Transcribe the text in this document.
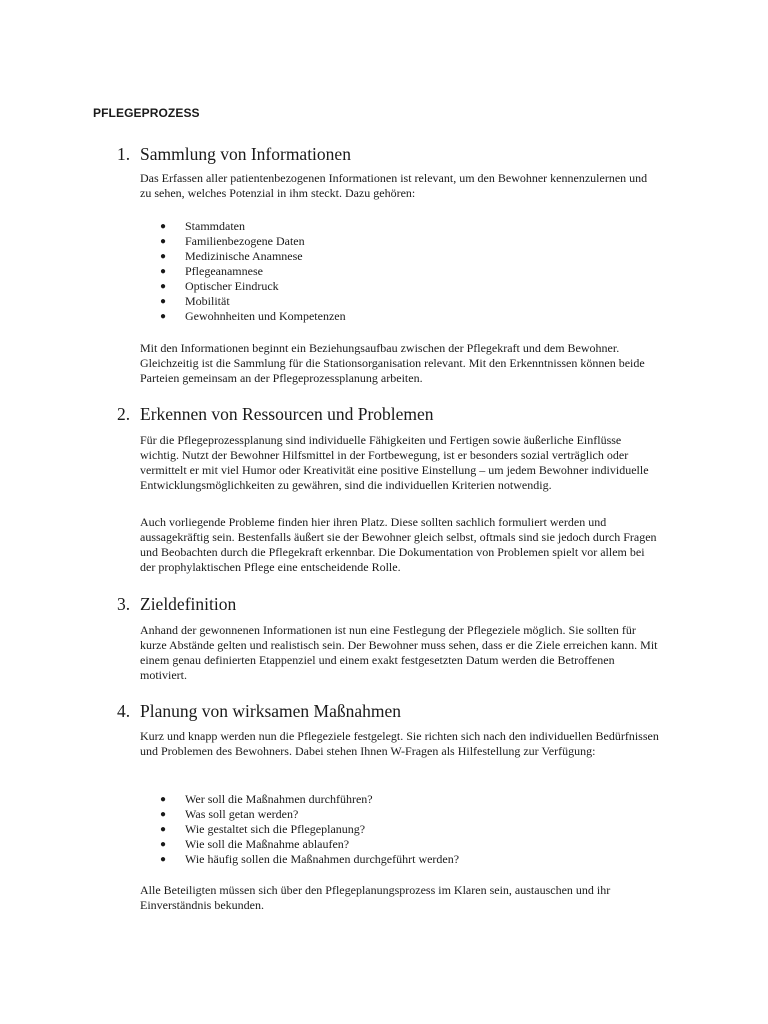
PFLEGEPROZESS
1. Sammlung von Informationen

Das Erfassen aller patientenbezogenen Informationen ist relevant, um den Bewohner kennenzulernen und zu sehen, welches Potenzial in ihm steckt. Dazu gehören:

● Stammdaten
● Familienbezogene Daten
● Medizinische Anamnese
● Pflegeanamnese
● Optischer Eindruck
● Mobilität
● Gewohnheiten und Kompetenzen

Mit den Informationen beginnt ein Beziehungsaufbau zwischen der Pflegekraft und dem Bewohner. Gleichzeitig ist die Sammlung für die Stationsorganisation relevant. Mit den Erkenntnissen können beide Parteien gemeinsam an der Pflegeprozessplanung arbeiten.

2. Erkennen von Ressourcen und Problemen

Für die Pflegeprozessplanung sind individuelle Fähigkeiten und Fertigen sowie äußerliche Einflüsse wichtig. Nutzt der Bewohner Hilfsmittel in der Fortbewegung, ist er besonders sozial verträglich oder vermittelt er mit viel Humor oder Kreativität eine positive Einstellung – um jedem Bewohner individuelle Entwicklungsmöglichkeiten zu gewähren, sind die individuellen Kriterien notwendig.

Auch vorliegende Probleme finden hier ihren Platz. Diese sollten sachlich formuliert werden und aussagekräftig sein. Bestenfalls äußert sie der Bewohner gleich selbst, oftmals sind sie jedoch durch Fragen und Beobachten durch die Pflegekraft erkennbar. Die Dokumentation von Problemen spielt vor allem bei der prophylaktischen Pflege eine entscheidende Rolle.

3. Zieldefinition

Anhand der gewonnenen Informationen ist nun eine Festlegung der Pflegeziele möglich. Sie sollten für kurze Abstände gelten und realistisch sein. Der Bewohner muss sehen, dass er die Ziele erreichen kann. Mit einem genau definierten Etappenziel und einem exakt festgesetzten Datum werden die Betroffenen motiviert.

4. Planung von wirksamen Maßnahmen

Kurz und knapp werden nun die Pflegeziele festgelegt. Sie richten sich nach den individuellen Bedürfnissen und Problemen des Bewohners. Dabei stehen Ihnen W-Fragen als Hilfestellung zur Verfügung:

● Wer soll die Maßnahmen durchführen?
● Was soll getan werden?
● Wie gestaltet sich die Pflegeplanung?
● Wie soll die Maßnahme ablaufen?
● Wie häufig sollen die Maßnahmen durchgeführt werden?

Alle Beteiligten müssen sich über den Pflegeplanungsprozess im Klaren sein, austauschen und ihr Einverständnis bekunden.
